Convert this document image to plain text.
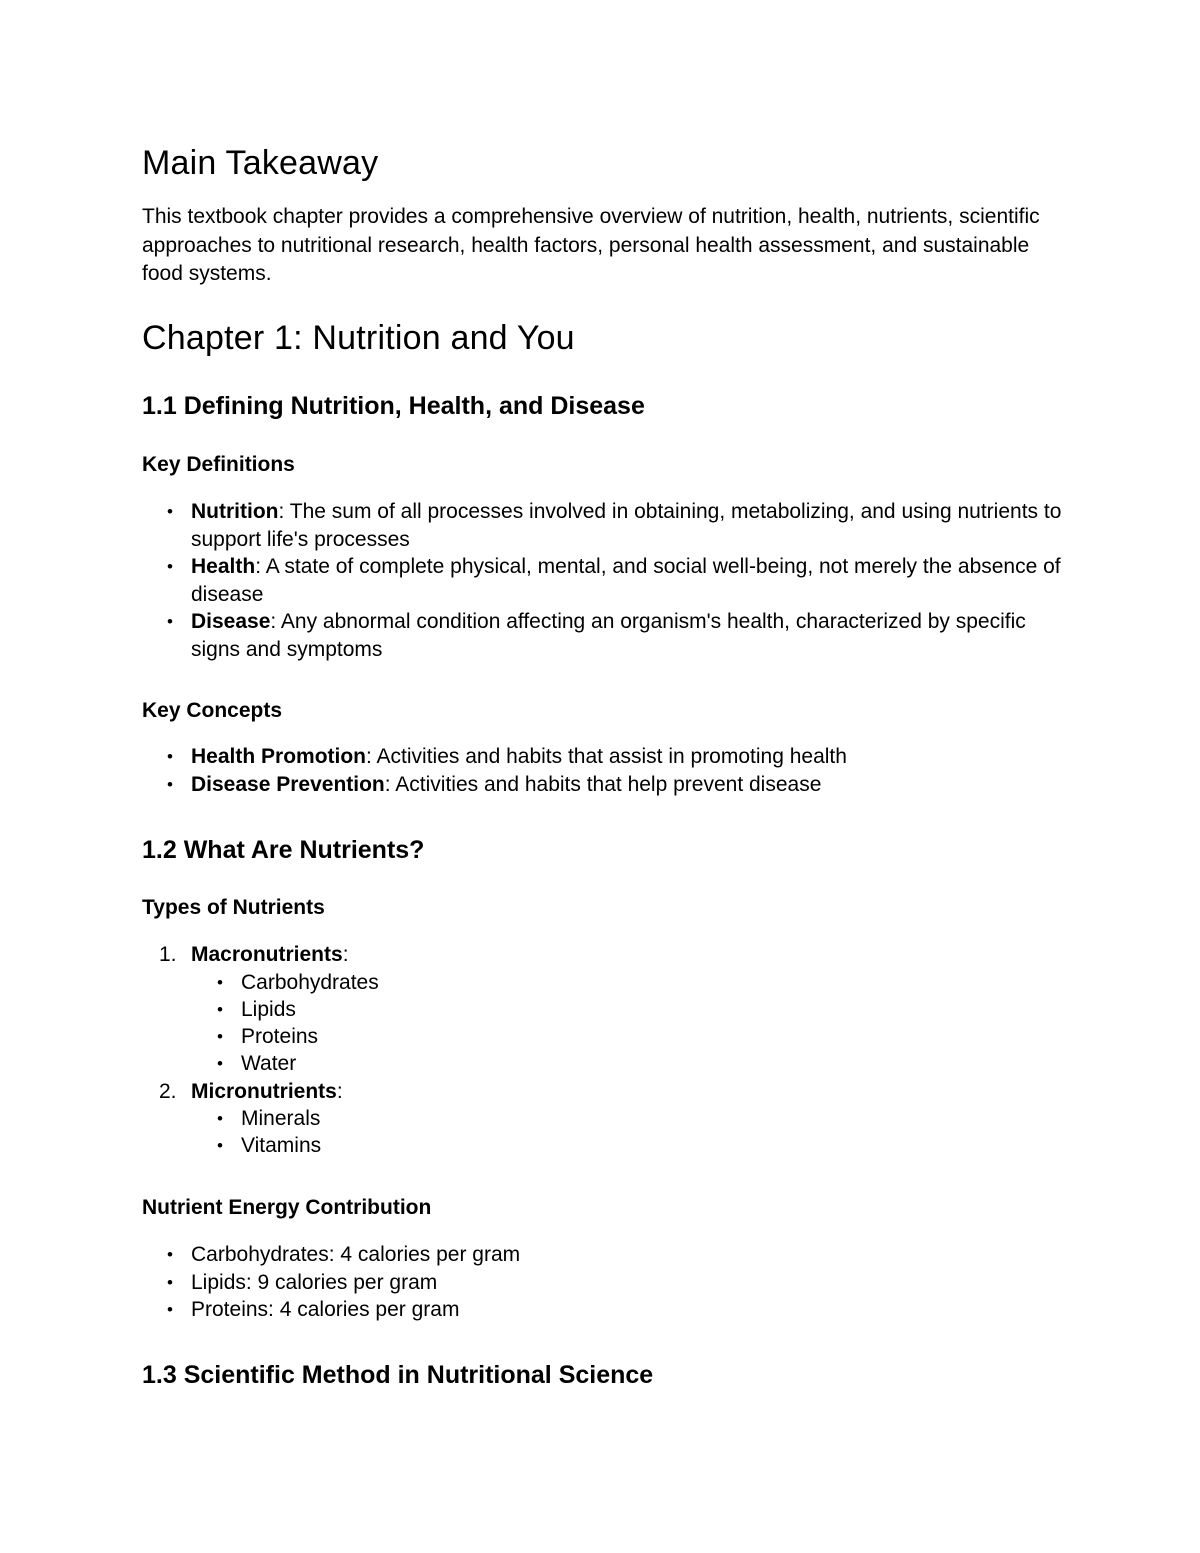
Main Takeaway
This textbook chapter provides a comprehensive overview of nutrition, health, nutrients, scientific approaches to nutritional research, health factors, personal health assessment, and sustainable food systems.
Chapter 1: Nutrition and You
1.1 Defining Nutrition, Health, and Disease
Key Definitions
• Nutrition: The sum of all processes involved in obtaining, metabolizing, and using nutrients to support life's processes
• Health: A state of complete physical, mental, and social well-being, not merely the absence of disease
• Disease: Any abnormal condition affecting an organism's health, characterized by specific signs and symptoms
Key Concepts
• Health Promotion: Activities and habits that assist in promoting health
• Disease Prevention: Activities and habits that help prevent disease
1.2 What Are Nutrients?
Types of Nutrients
1. Macronutrients:
• Carbohydrates
• Lipids
• Proteins
• Water
2. Micronutrients:
• Minerals
• Vitamins
Nutrient Energy Contribution
• Carbohydrates: 4 calories per gram
• Lipids: 9 calories per gram
• Proteins: 4 calories per gram
1.3 Scientific Method in Nutritional Science
